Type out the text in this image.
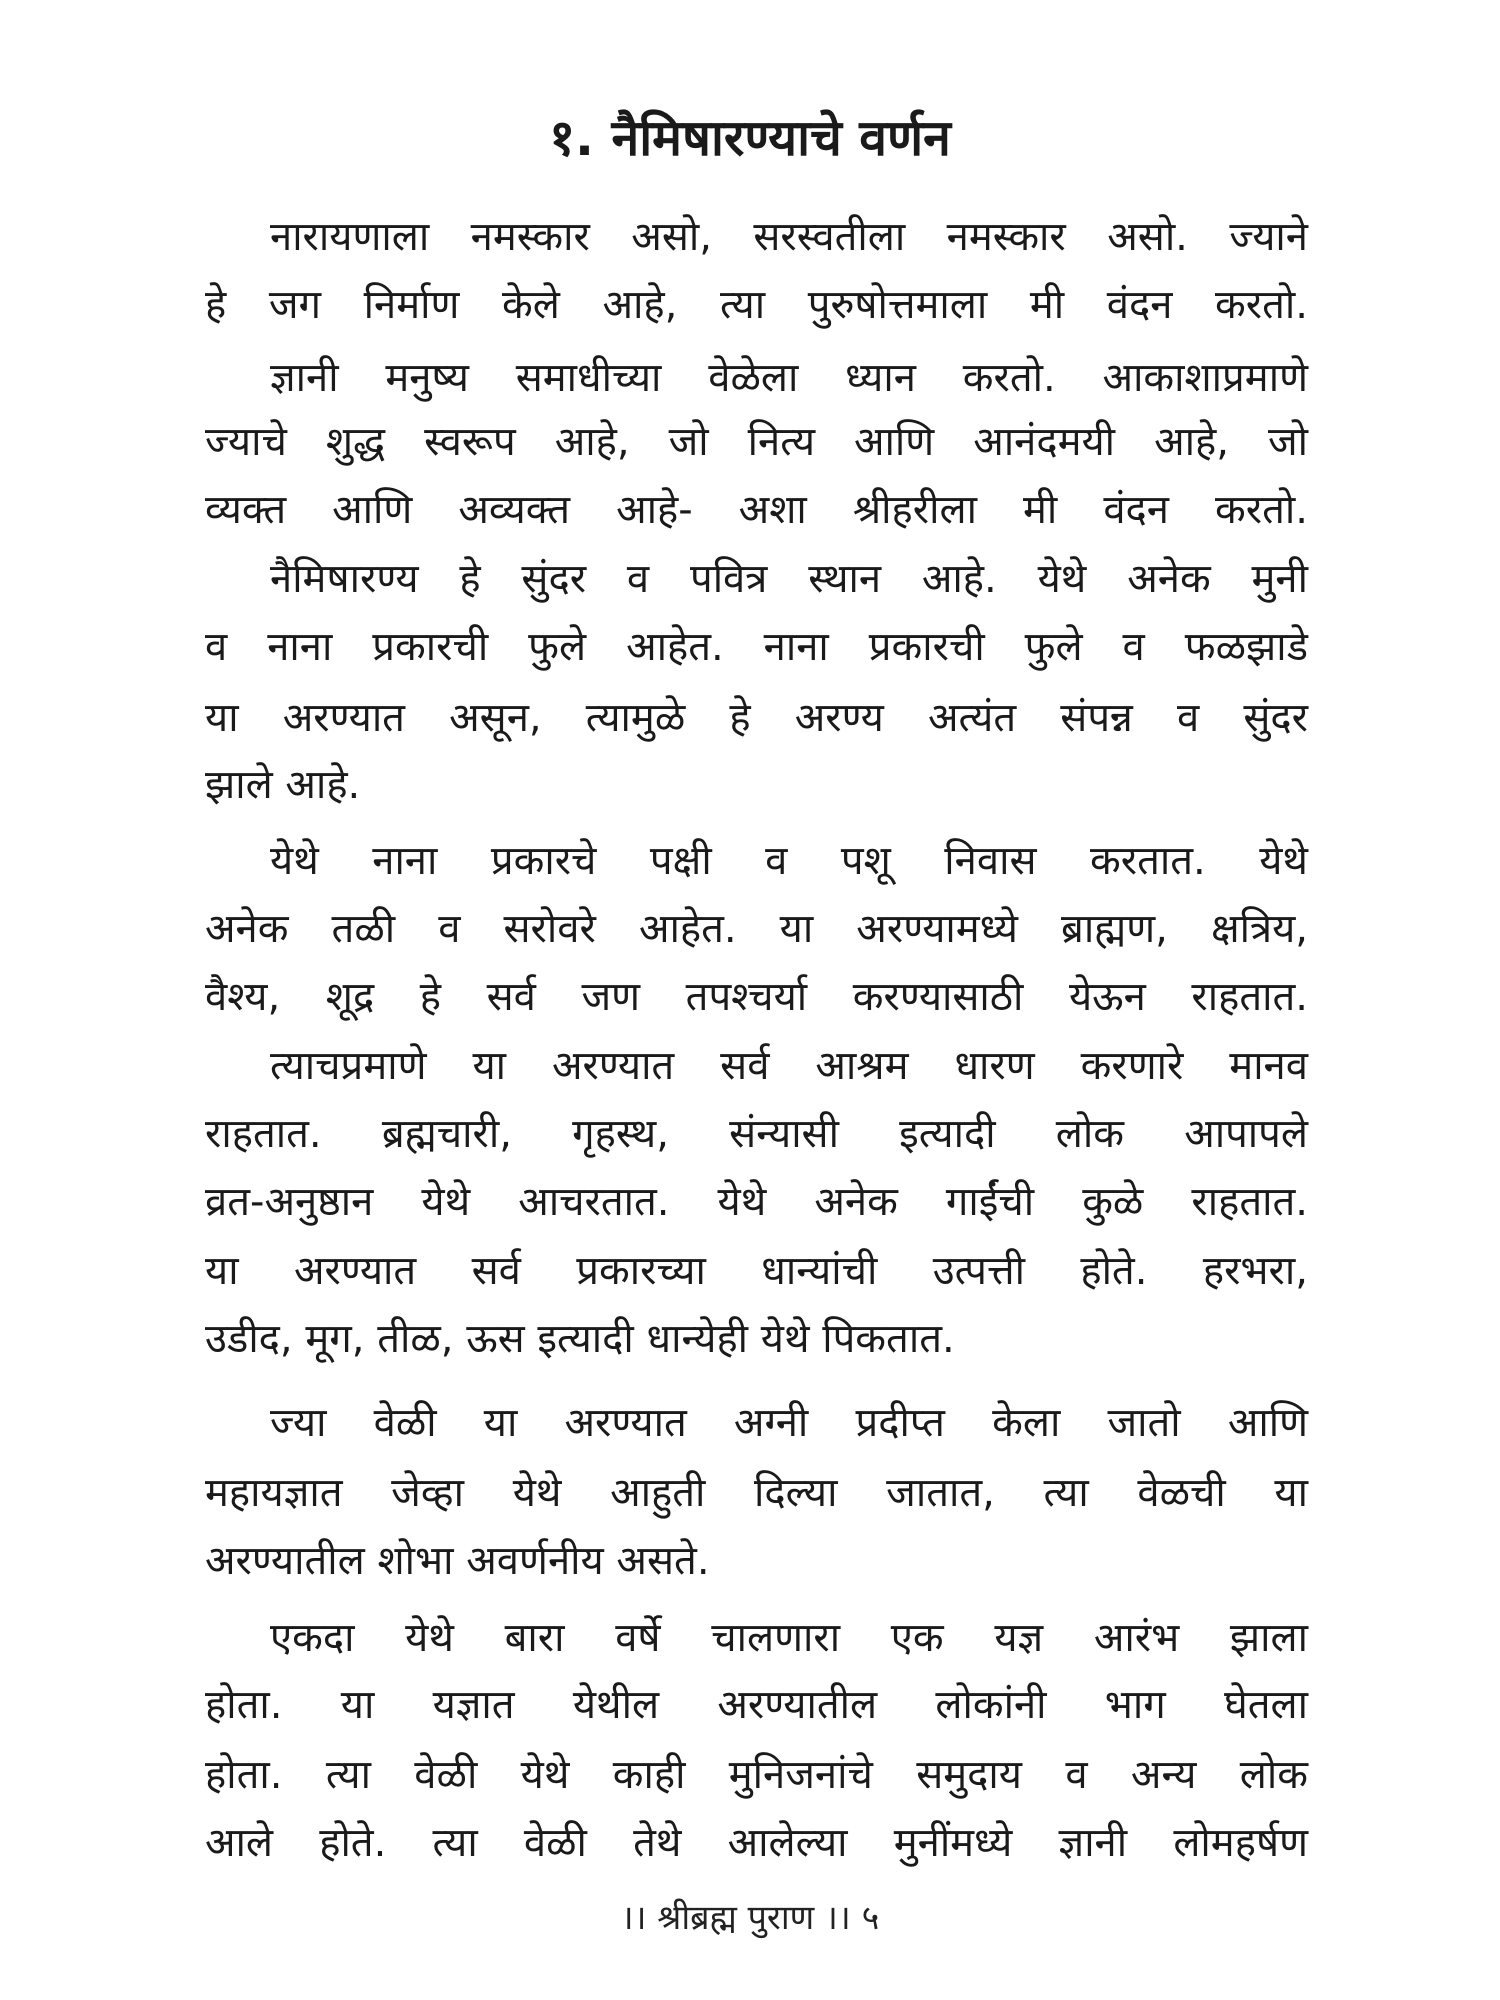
१. नैमिषारण्याचे वर्णन
नारायणाला नमस्कार असो, सरस्वतीला नमस्कार असो. ज्याने
हे जग निर्माण केले आहे, त्या पुरुषोत्तमाला मी वंदन करतो.
ज्ञानी मनुष्य समाधीच्या वेळेला ध्यान करतो. आकाशाप्रमाणे
ज्याचे शुद्ध स्वरूप आहे, जो नित्य आणि आनंदमयी आहे, जो
व्यक्त आणि अव्यक्त आहे- अशा श्रीहरीला मी वंदन करतो.
नैमिषारण्य हे सुंदर व पवित्र स्थान आहे. येथे अनेक मुनी
व नाना प्रकारची फुले आहेत. नाना प्रकारची फुले व फळझाडे
या अरण्यात असून, त्यामुळे हे अरण्य अत्यंत संपन्न व सुंदर
झाले आहे.
येथे नाना प्रकारचे पक्षी व पशू निवास करतात. येथे
अनेक तळी व सरोवरे आहेत. या अरण्यामध्ये ब्राह्मण, क्षत्रिय,
वैश्य, शूद्र हे सर्व जण तपश्चर्या करण्यासाठी येऊन राहतात.
त्याचप्रमाणे या अरण्यात सर्व आश्रम धारण करणारे मानव
राहतात. ब्रह्मचारी, गृहस्थ, संन्यासी इत्यादी लोक आपापले
व्रत-अनुष्ठान येथे आचरतात. येथे अनेक गाईंची कुळे राहतात.
या अरण्यात सर्व प्रकारच्या धान्यांची उत्पत्ती होते. हरभरा,
उडीद, मूग, तीळ, ऊस इत्यादी धान्येही येथे पिकतात.
ज्या वेळी या अरण्यात अग्नी प्रदीप्त केला जातो आणि
महायज्ञात जेव्हा येथे आहुती दिल्या जातात, त्या वेळची या
अरण्यातील शोभा अवर्णनीय असते.
एकदा येथे बारा वर्षे चालणारा एक यज्ञ आरंभ झाला
होता. या यज्ञात येथील अरण्यातील लोकांनी भाग घेतला
होता. त्या वेळी येथे काही मुनिजनांचे समुदाय व अन्य लोक
आले होते. त्या वेळी तेथे आलेल्या मुनींमध्ये ज्ञानी लोमहर्षण
।। श्रीब्रह्म पुराण ।। ५
